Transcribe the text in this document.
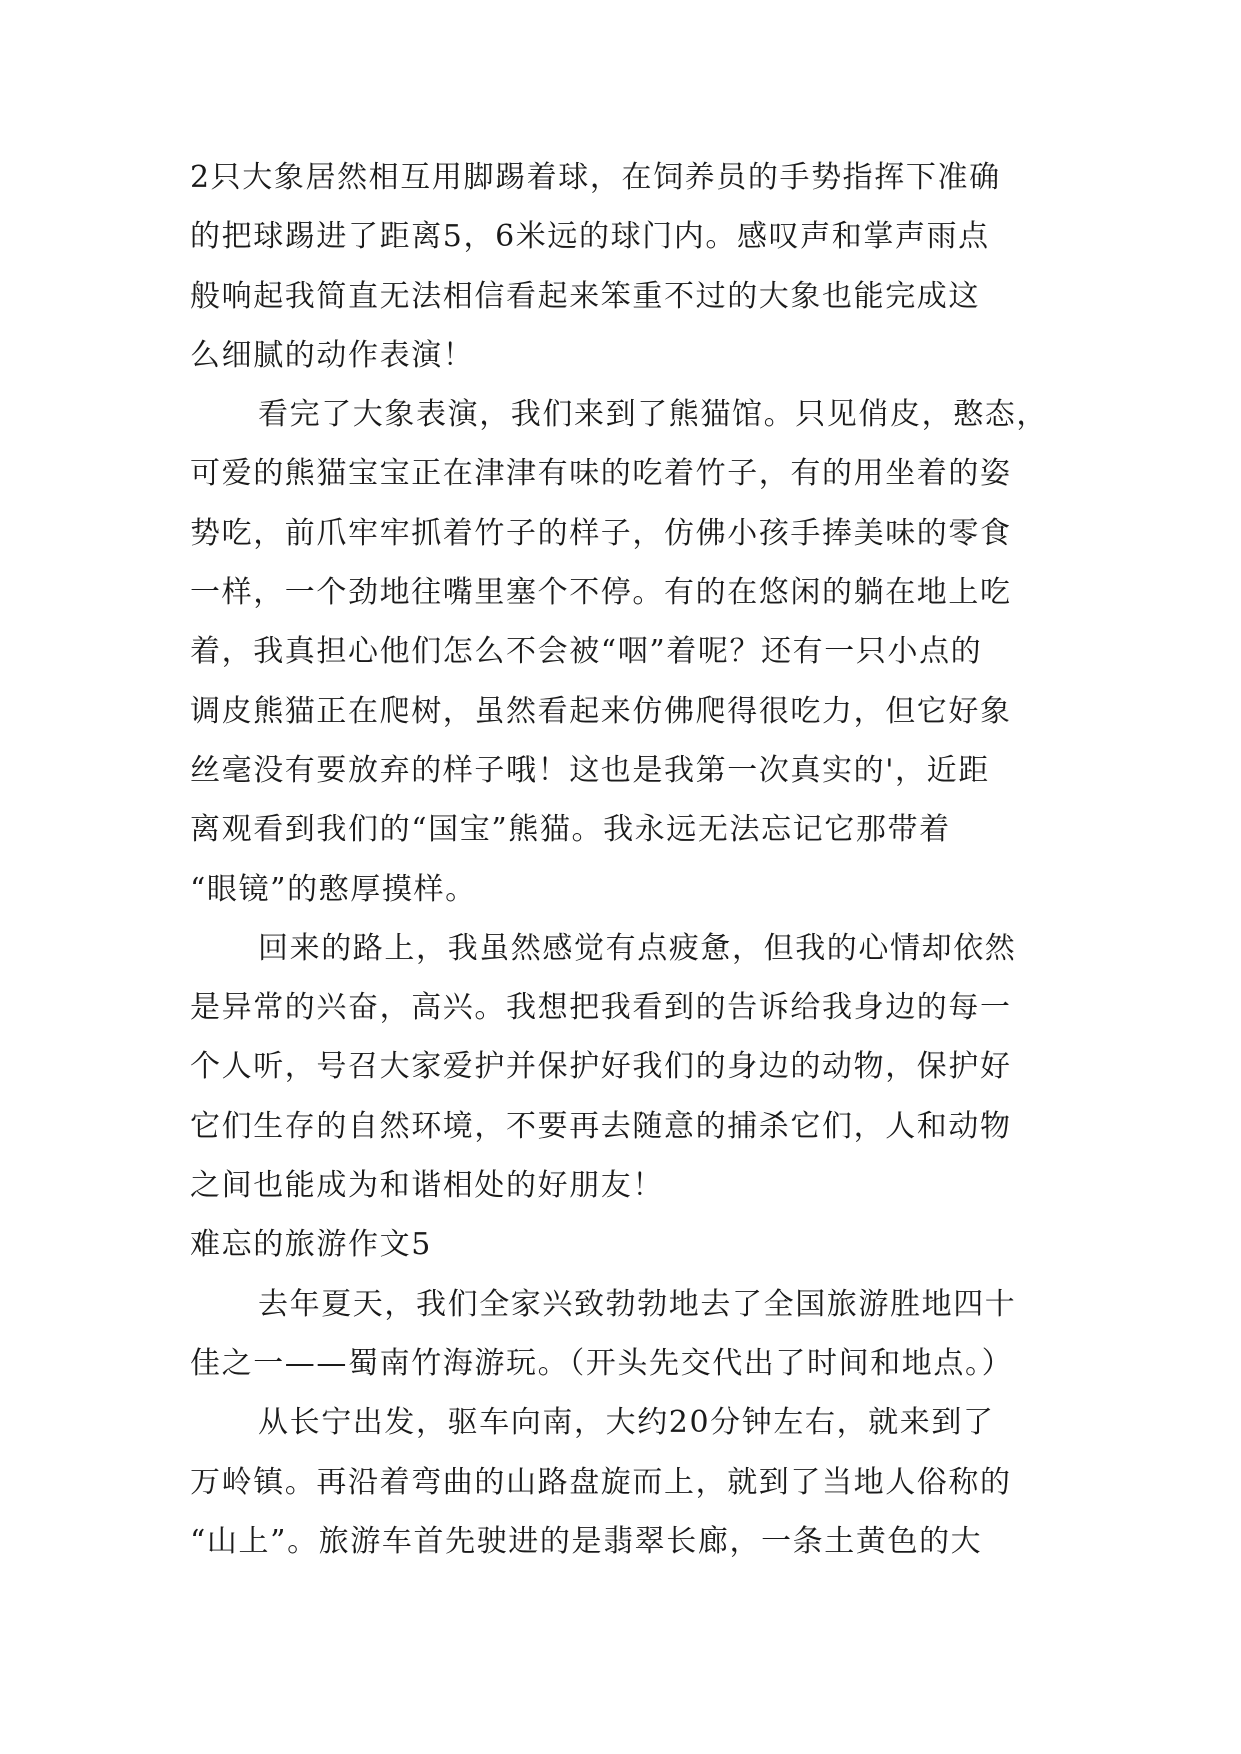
2只大象居然相互用脚踢着球，在饲养员的手势指挥下准确
的把球踢进了距离5，6米远的球门内。感叹声和掌声雨点
般响起我简直无法相信看起来笨重不过的大象也能完成这
么细腻的动作表演！
看完了大象表演，我们来到了熊猫馆。只见俏皮，憨态，
可爱的熊猫宝宝正在津津有味的吃着竹子，有的用坐着的姿
势吃，前爪牢牢抓着竹子的样子，仿佛小孩手捧美味的零食
一样，一个劲地往嘴里塞个不停。有的在悠闲的躺在地上吃
着，我真担心他们怎么不会被“咽”着呢？还有一只小点的
调皮熊猫正在爬树，虽然看起来仿佛爬得很吃力，但它好象
丝毫没有要放弃的样子哦！这也是我第一次真实的'，近距
离观看到我们的“国宝”熊猫。我永远无法忘记它那带着
“眼镜”的憨厚摸样。
回来的路上，我虽然感觉有点疲惫，但我的心情却依然
是异常的兴奋，高兴。我想把我看到的告诉给我身边的每一
个人听，号召大家爱护并保护好我们的身边的动物，保护好
它们生存的自然环境，不要再去随意的捕杀它们，人和动物
之间也能成为和谐相处的好朋友！
难忘的旅游作文5
去年夏天，我们全家兴致勃勃地去了全国旅游胜地四十
佳之一——蜀南竹海游玩。（开头先交代出了时间和地点。）
从长宁出发，驱车向南，大约20分钟左右，就来到了
万岭镇。再沿着弯曲的山路盘旋而上，就到了当地人俗称的
“山上”。旅游车首先驶进的是翡翠长廊，一条土黄色的大
